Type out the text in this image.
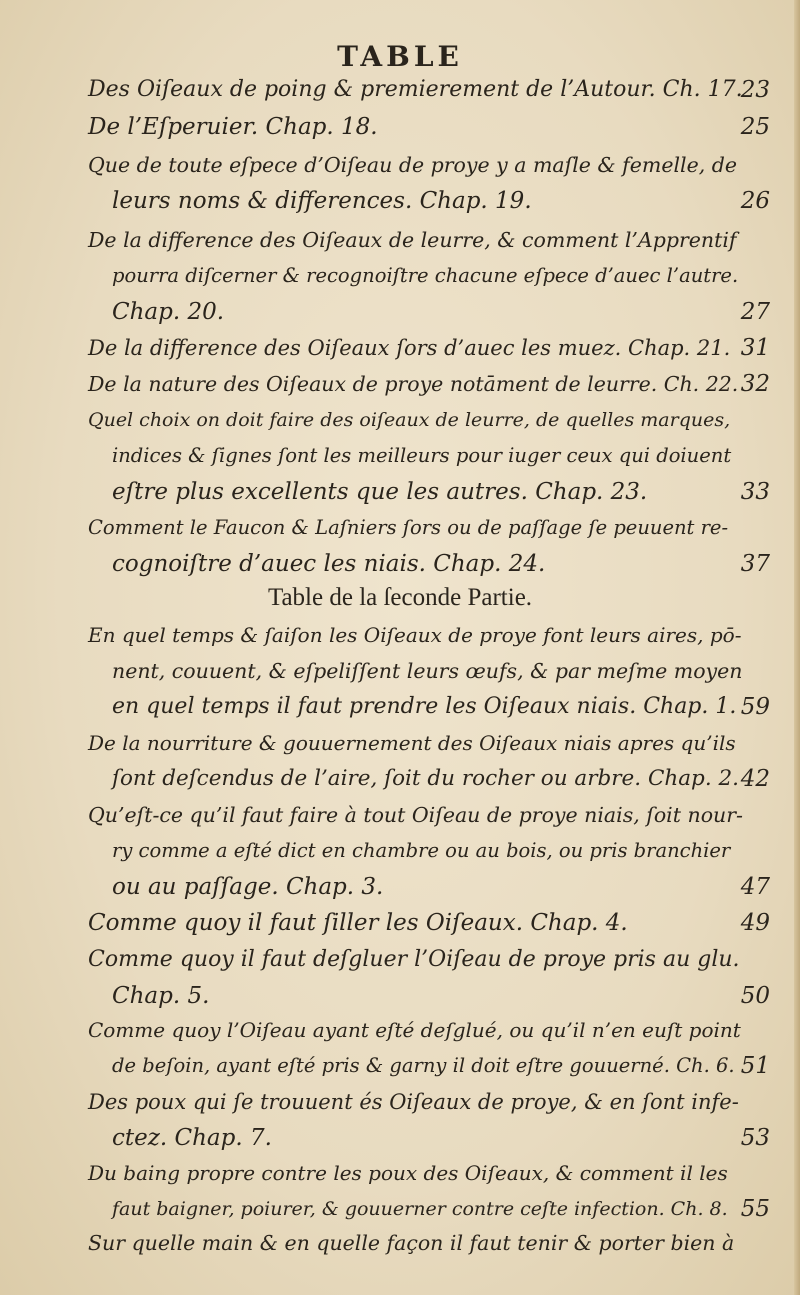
TABLE
Des Oiſeaux de poing & premierement de l’Autour. Ch. 17.
23
De l’Eſperuier. Chap. 18.	25
Que de toute eſpece d’Oiſeau de proye y a maſle & femelle, de
leurs noms & differences. Chap. 19.	26
De la difference des Oiſeaux de leurre, & comment l’Apprentif
pourra diſcerner & recognoiſtre chacune eſpece d’auec l’autre.
Chap. 20.	27
De la difference des Oiſeaux ſors d’auec les muez. Chap. 21. 31
De la nature des Oiſeaux de proye notāment de leurre. Ch. 22. 32
Quel choix on doit faire des oiſeaux de leurre, de quelles marques,
indices & ſignes ſont les meilleurs pour iuger ceux qui doiuent
eſtre plus excellents que les autres. Chap. 23.	33
Comment le Faucon & Laſniers ſors ou de paſſage ſe peuuent re-
cognoiſtre d’auec les niais. Chap. 24.	37
Table de la ſeconde Partie.
En quel temps & ſaiſon les Oiſeaux de proye font leurs aires, pō-
nent, couuent, & eſpeliſſent leurs œufs, & par meſme moyen
en quel temps il faut prendre les Oiſeaux niais. Chap. 1. 59
De la nourriture & gouuernement des Oiſeaux niais apres qu’ils
ſont deſcendus de l’aire, ſoit du rocher ou arbre. Chap. 2. 42
Qu’eſt-ce qu’il faut faire à tout Oiſeau de proye niais, ſoit nour-
ry comme a eſté dict en chambre ou au bois, ou pris branchier
ou au paſſage. Chap. 3.	47
Comme quoy il faut ſiller les Oiſeaux. Chap. 4.	49
Comme quoy il faut deſgluer l’Oiſeau de proye pris au glu.
Chap. 5.	50
Comme quoy l’Oiſeau ayant eſté deſglué, ou qu’il n’en euſt point
de beſoin, ayant eſté pris & garny il doit eſtre gouuerné. Ch. 6. 51
Des poux qui ſe trouuent és Oiſeaux de proye, & en ſont infe-
ctez. Chap. 7.	53
Du baing propre contre les poux des Oiſeaux, & comment il les
faut baigner, poiurer, & gouuerner contre ceſte infection. Ch. 8. 55
Sur quelle main & en quelle façon il faut tenir & porter bien à
